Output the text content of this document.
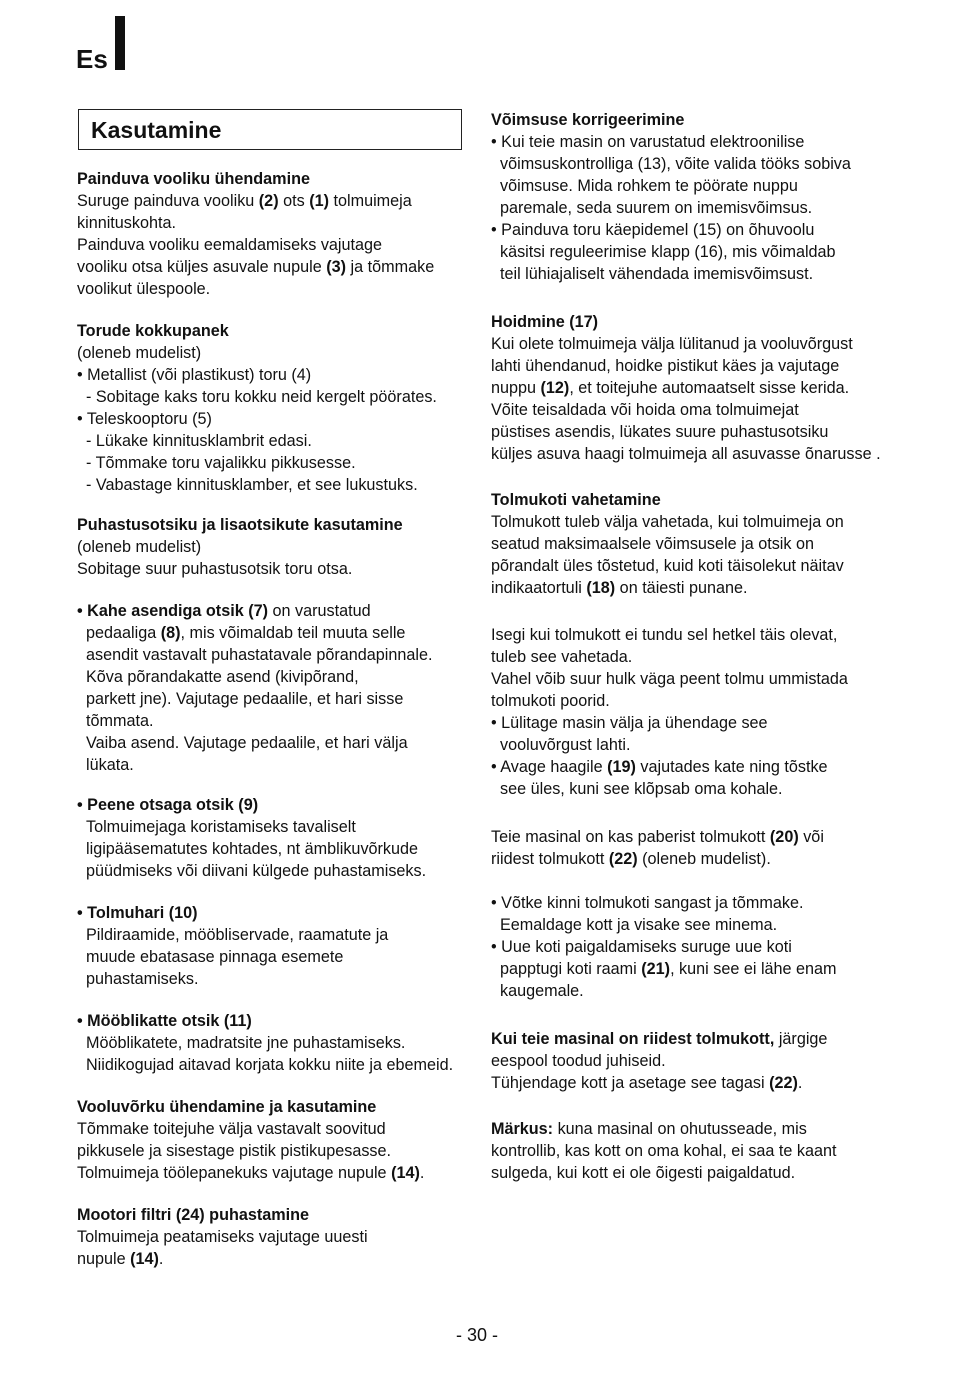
Es
Kasutamine
Painduva vooliku ühendamine
Suruge painduva vooliku (2) ots (1) tolmuimeja
kinnituskohta.
Painduva vooliku eemaldamiseks vajutage
vooliku otsa küljes asuvale nupule (3) ja tõmmake
voolikut ülespoole.
Torude kokkupanek
(oleneb mudelist)
• Metallist (või plastikust) toru (4)
- Sobitage kaks toru kokku neid kergelt pöörates.
• Teleskooptoru (5)
- Lükake kinnitusklambrit edasi.
- Tõmmake toru vajalikku pikkusesse.
- Vabastage kinnitusklamber, et see lukustuks.
Puhastusotsiku ja lisaotsikute kasutamine
(oleneb mudelist)
Sobitage suur puhastusotsik toru otsa.
• Kahe asendiga otsik (7) on varustatud
pedaaliga (8), mis võimaldab teil muuta selle
asendit vastavalt puhastatavale põrandapinnale.
Kõva põrandakatte asend (kivipõrand,
parkett jne). Vajutage pedaalile, et hari sisse
tõmmata.
Vaiba asend. Vajutage pedaalile, et hari välja
lükata.
• Peene otsaga otsik (9)
Tolmuimejaga koristamiseks tavaliselt
ligipääsematutes kohtades, nt ämblikuvõrkude
püüdmiseks või diivani külgede puhastamiseks.
• Tolmuhari (10)
Pildiraamide, mööbliservade, raamatute ja
muude ebatasase pinnaga esemete
puhastamiseks.
• Mööblikatte otsik (11)
Mööblikatete, madratsite jne puhastamiseks.
Niidikogujad aitavad korjata kokku niite ja ebemeid.
Vooluvõrku ühendamine ja kasutamine
Tõmmake toitejuhe välja vastavalt soovitud
pikkusele ja sisestage pistik pistikupesasse.
Tolmuimeja töölepanekuks vajutage nupule (14).
Mootori filtri (24) puhastamine
Tolmuimeja peatamiseks vajutage uuesti
nupule (14).
Võimsuse korrigeerimine
• Kui teie masin on varustatud elektroonilise
võimsuskontrolliga (13), võite valida tööks sobiva
võimsuse. Mida rohkem te pöörate nuppu
paremale, seda suurem on imemisvõimsus.
• Painduva toru käepidemel (15) on õhuvoolu
käsitsi reguleerimise klapp (16), mis võimaldab
teil lühiajaliselt vähendada imemisvõimsust.
Hoidmine (17)
Kui olete tolmuimeja välja lülitanud ja vooluvõrgust
lahti ühendanud, hoidke pistikut käes ja vajutage
nuppu (12), et toitejuhe automaatselt sisse kerida.
Võite teisaldada või hoida oma tolmuimejat
püstises asendis, lükates suure puhastusotsiku
küljes asuva haagi tolmuimeja all asuvasse õnarusse .
Tolmukoti vahetamine
Tolmukott tuleb välja vahetada, kui tolmuimeja on
seatud maksimaalsele võimsusele ja otsik on
põrandalt üles tõstetud, kuid koti täisolekut näitav
indikaatortuli (18) on täiesti punane.
Isegi kui tolmukott ei tundu sel hetkel täis olevat,
tuleb see vahetada.
Vahel võib suur hulk väga peent tolmu ummistada
tolmukoti poorid.
• Lülitage masin välja ja ühendage see
vooluvõrgust lahti.
• Avage haagile (19) vajutades kate ning tõstke
see üles, kuni see klõpsab oma kohale.
Teie masinal on kas paberist tolmukott (20) või
riidest tolmukott (22) (oleneb mudelist).
• Võtke kinni tolmukoti sangast ja tõmmake.
Eemaldage kott ja visake see minema.
• Uue koti paigaldamiseks suruge uue koti
papptugi koti raami (21), kuni see ei lähe enam
kaugemale.
Kui teie masinal on riidest tolmukott, järgige
eespool toodud juhiseid.
Tühjendage kott ja asetage see tagasi (22).
Märkus: kuna masinal on ohutusseade, mis
kontrollib, kas kott on oma kohal, ei saa te kaant
sulgeda, kui kott ei ole õigesti paigaldatud.
- 30 -
